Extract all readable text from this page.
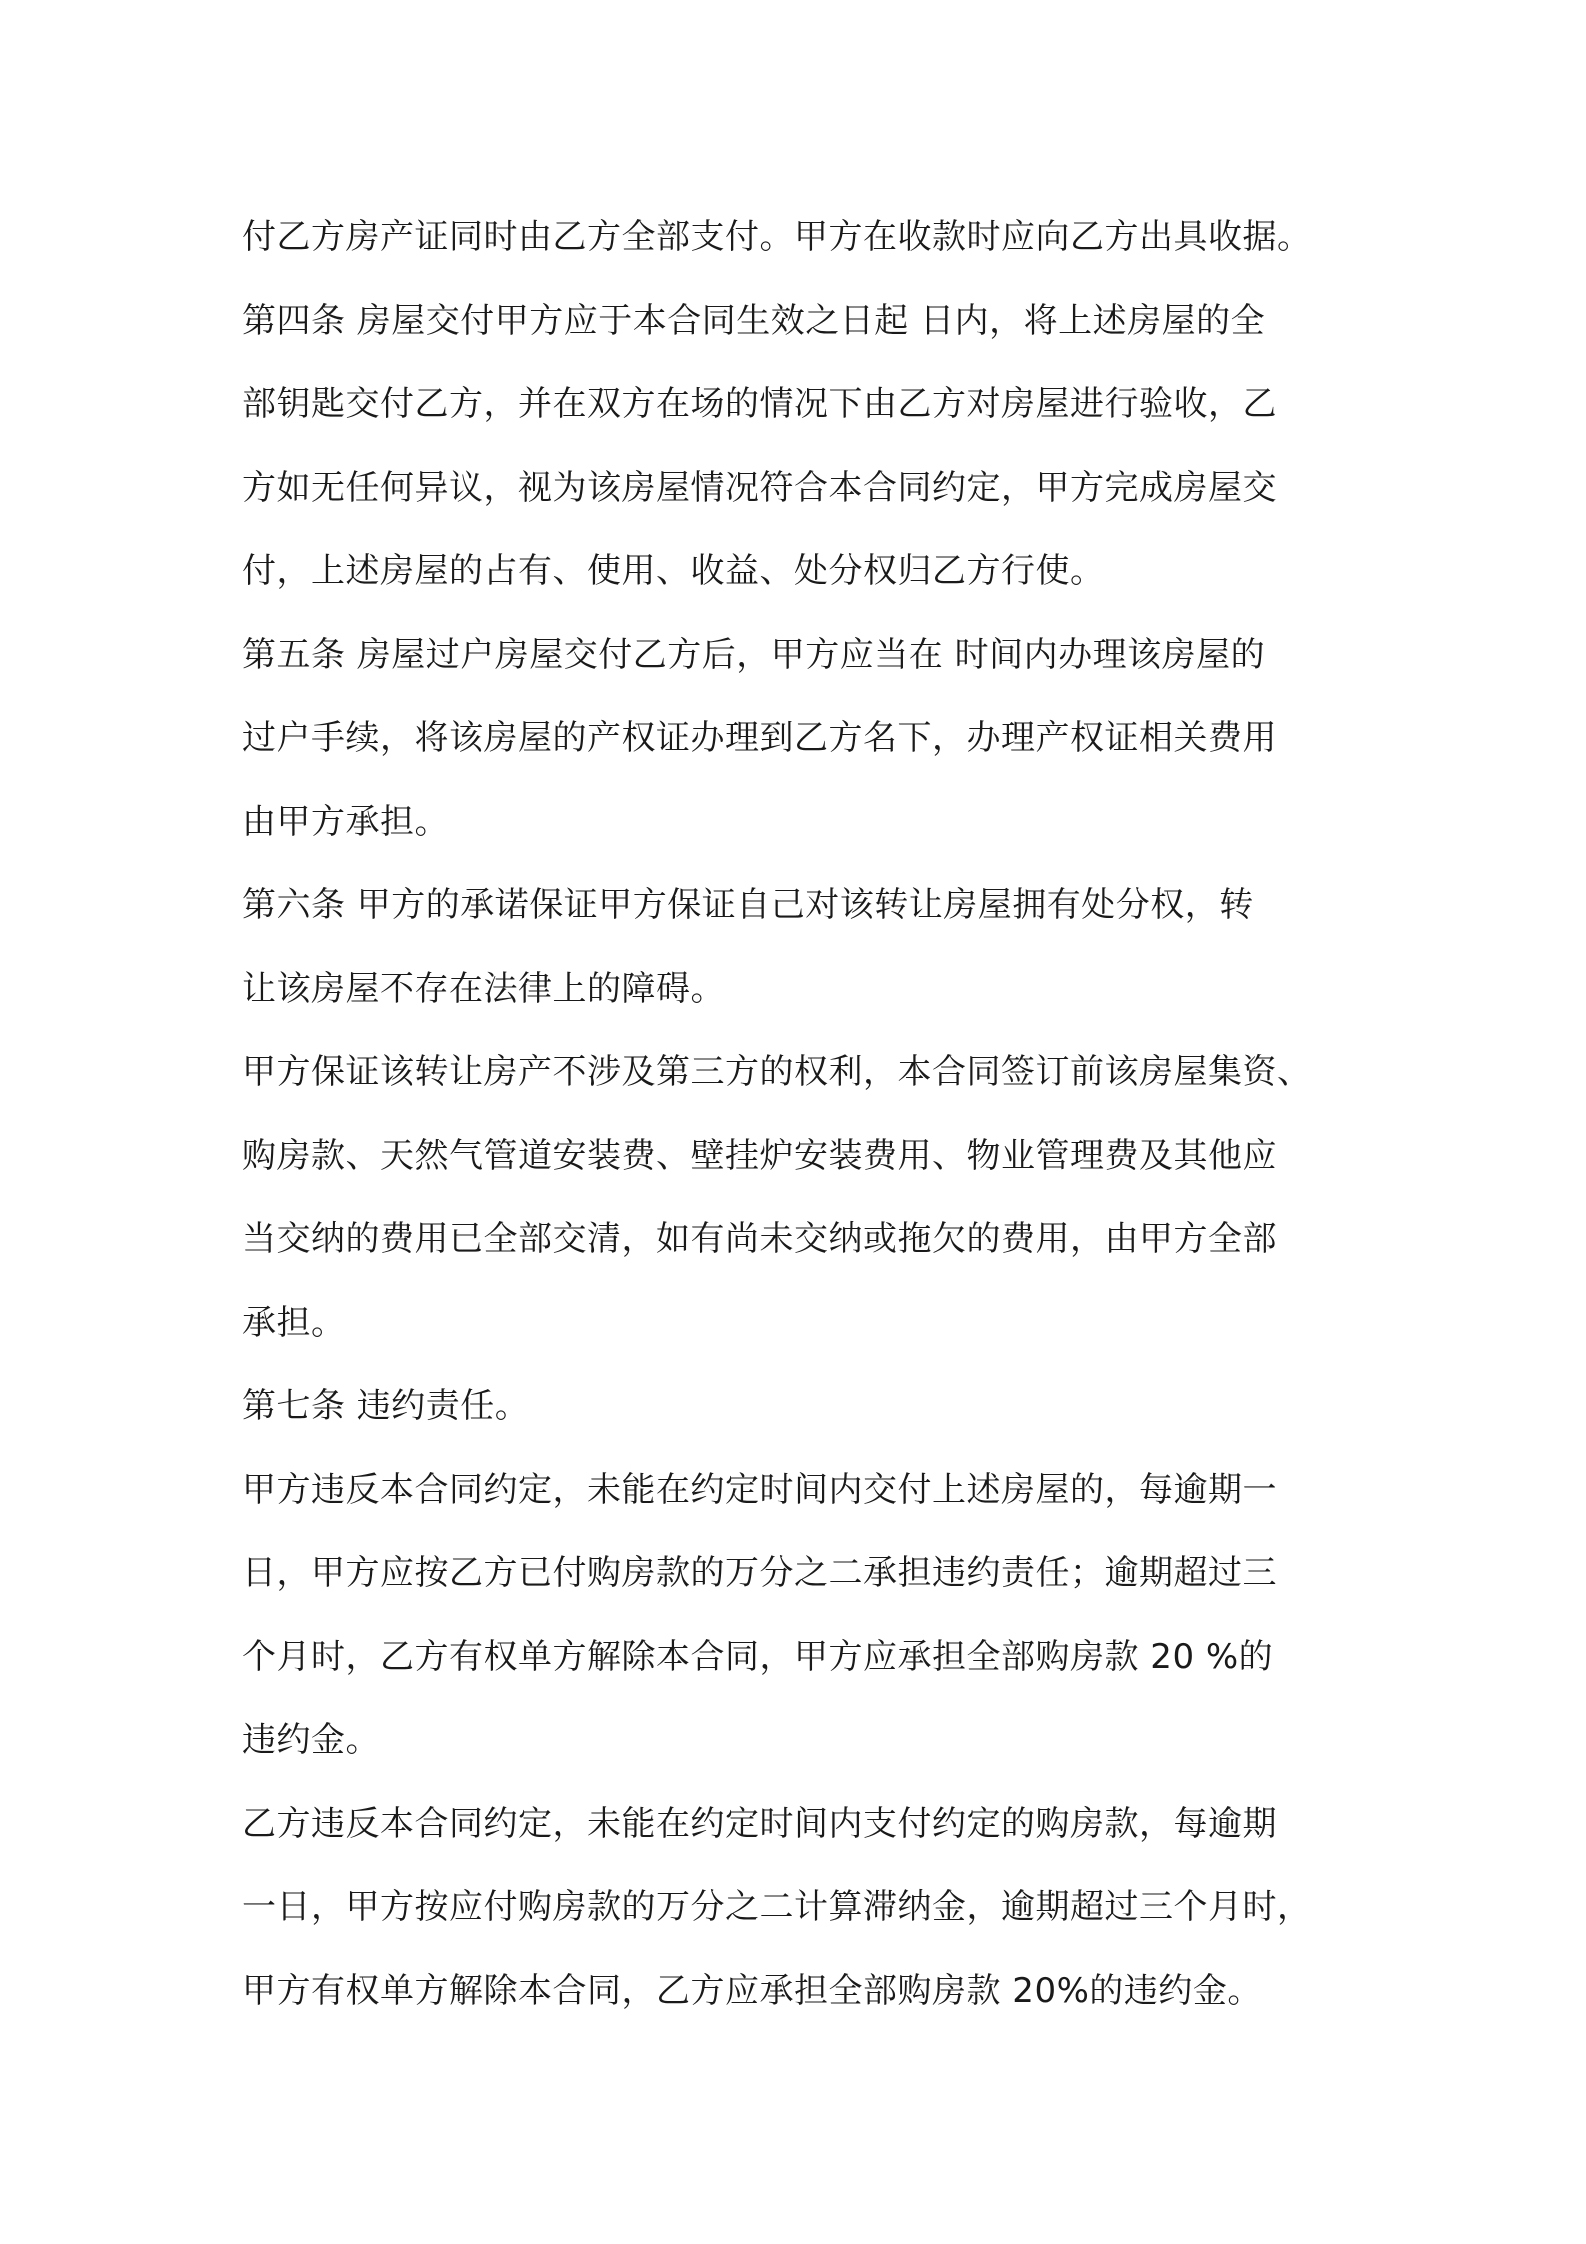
付乙方房产证同时由乙方全部支付。甲方在收款时应向乙方出具收据。
第四条 房屋交付甲方应于本合同生效之日起 日内，将上述房屋的全
部钥匙交付乙方，并在双方在场的情况下由乙方对房屋进行验收，乙
方如无任何异议，视为该房屋情况符合本合同约定，甲方完成房屋交
付，上述房屋的占有、使用、收益、处分权归乙方行使。
第五条 房屋过户房屋交付乙方后，甲方应当在 时间内办理该房屋的
过户手续，将该房屋的产权证办理到乙方名下，办理产权证相关费用
由甲方承担。
第六条 甲方的承诺保证甲方保证自己对该转让房屋拥有处分权，转
让该房屋不存在法律上的障碍。
甲方保证该转让房产不涉及第三方的权利，本合同签订前该房屋集资、
购房款、天然气管道安装费、壁挂炉安装费用、物业管理费及其他应
当交纳的费用已全部交清，如有尚未交纳或拖欠的费用，由甲方全部
承担。
第七条 违约责任。
甲方违反本合同约定，未能在约定时间内交付上述房屋的，每逾期一
日，甲方应按乙方已付购房款的万分之二承担违约责任；逾期超过三
个月时，乙方有权单方解除本合同，甲方应承担全部购房款 20 %的
违约金。
乙方违反本合同约定，未能在约定时间内支付约定的购房款，每逾期
一日，甲方按应付购房款的万分之二计算滞纳金，逾期超过三个月时，
甲方有权单方解除本合同，乙方应承担全部购房款 20%的违约金。
